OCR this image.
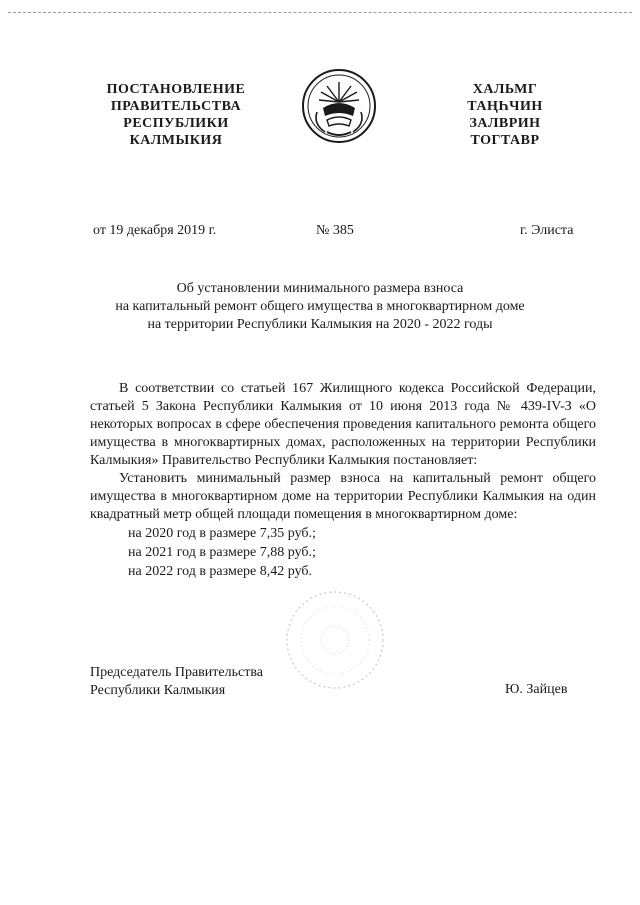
ПОСТАНОВЛЕНИЕ
ПРАВИТЕЛЬСТВА
РЕСПУБЛИКИ
КАЛМЫКИЯ
ХАЛЬМГ
ТАҢҺЧИН
ЗАЛВРИН
ТОГТАВР
от 19 декабря 2019 г.	№ 385	г. Элиста
Об установлении минимального размера взноса
на капитальный ремонт общего имущества в многоквартирном доме
на территории Республики Калмыкия на 2020 - 2022 годы

В соответствии со статьей 167 Жилищного кодекса Российской Федерации, статьей 5 Закона Республики Калмыкия от 10 июня 2013 года № 439-IV-З «О некоторых вопросах в сфере обеспечения проведения капитального ремонта общего имущества в многоквартирных домах, расположенных на территории Республики Калмыкия» Правительство Республики Калмыкия постановляет:

Установить минимальный размер взноса на капитальный ремонт общего имущества в многоквартирном доме на территории Республики Калмыкия на один квадратный метр общей площади помещения в многоквартирном доме:

на 2020 год в размере 7,35 руб.;
на 2021 год в размере 7,88 руб.;
на 2022 год в размере 8,42 руб.
Председатель Правительства
Республики Калмыкия	Ю. Зайцев
